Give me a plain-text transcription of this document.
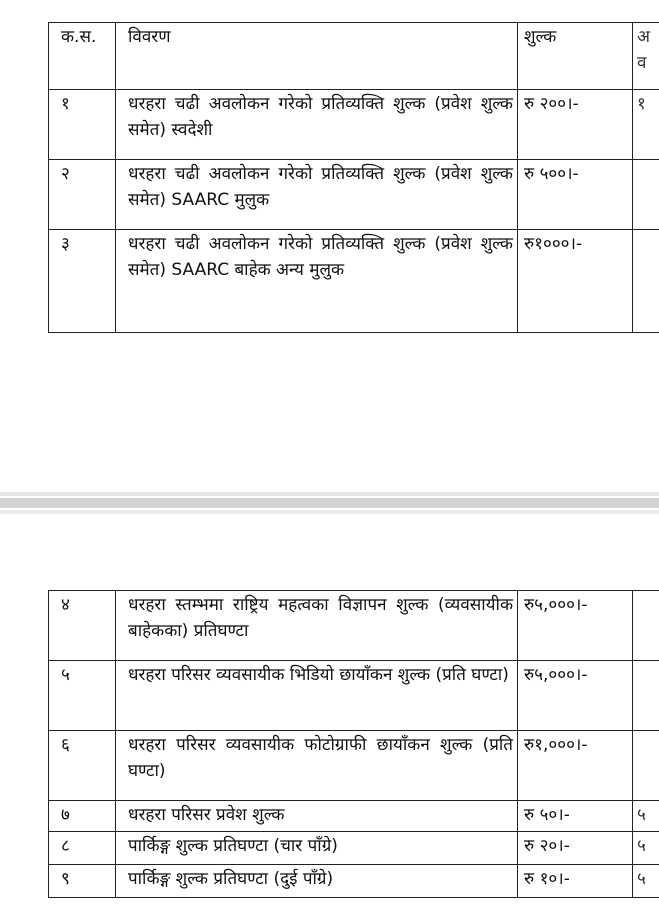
क.स.	विवरण	शुल्क	अ
व
१	धरहरा चढी अवलोकन गरेको प्रतिव्यक्ति शुल्क (प्रवेश शुल्क समेत) स्वदेशी	रु २००।-	१
२	धरहरा चढी अवलोकन गरेको प्रतिव्यक्ति शुल्क (प्रवेश शुल्क समेत) SAARC मुलुक	रु ५००।-	
३	धरहरा चढी अवलोकन गरेको प्रतिव्यक्ति शुल्क (प्रवेश शुल्क समेत) SAARC बाहेक अन्य मुलुक	रु१०००।-	
४	धरहरा स्तम्भमा राष्ट्रिय महत्वका विज्ञापन शुल्क (व्यवसायीक बाहेकका) प्रतिघण्टा	रु५,०००।-	
५	धरहरा परिसर व्यवसायीक भिडियो छायाँकन शुल्क (प्रति घण्टा)	रु५,०००।-	
६	धरहरा परिसर व्यवसायीक फोटोग्राफी छायाँकन शुल्क (प्रति घण्टा)	रु१,०००।-	
७	धरहरा परिसर प्रवेश शुल्क	रु ५०।-	५
८	पार्किङ्ग शुल्क प्रतिघण्टा (चार पाँग्रे)	रु २०।-	५
९	पार्किङ्ग शुल्क प्रतिघण्टा (दुई पाँग्रे)	रु १०।-	५
